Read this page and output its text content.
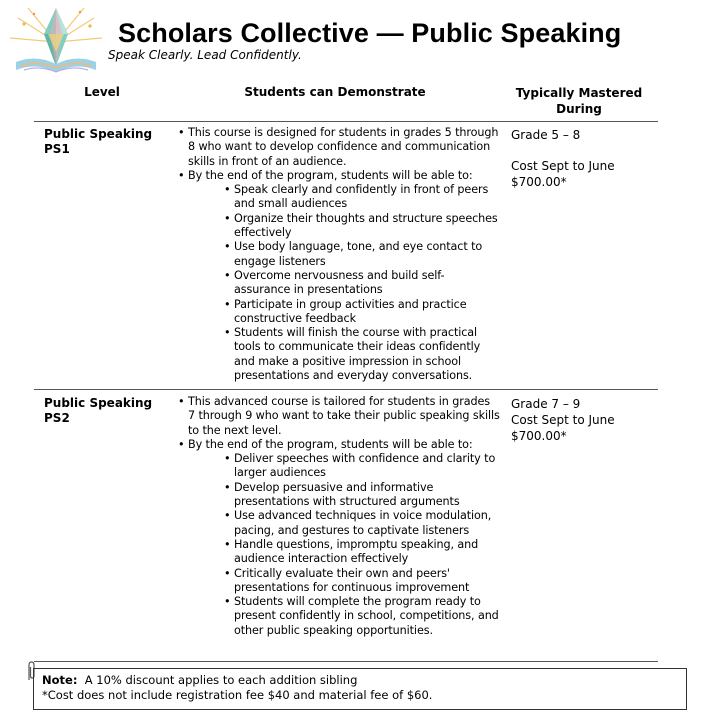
Scholars Collective — Public Speaking

Speak Clearly. Lead Confidently.

Level	Students can Demonstrate	Typically Mastered
During
Public Speaking
PS1
• This course is designed for students in grades 5 through 8 who want to develop confidence and communication skills in front of an audience.
• By the end of the program, students will be able to:
• Speak clearly and confidently in front of peers and small audiences
• Organize their thoughts and structure speeches effectively
• Use body language, tone, and eye contact to engage listeners
• Overcome nervousness and build self-assurance in presentations
• Participate in group activities and practice constructive feedback
• Students will finish the course with practical tools to communicate their ideas confidently and make a positive impression in school presentations and everyday conversations.
Grade 5 – 8
Cost Sept to June
$700.00*
Public Speaking
PS2
• This advanced course is tailored for students in grades 7 through 9 who want to take their public speaking skills to the next level.
• By the end of the program, students will be able to:
• Deliver speeches with confidence and clarity to larger audiences
• Develop persuasive and informative presentations with structured arguments
• Use advanced techniques in voice modulation, pacing, and gestures to captivate listeners
• Handle questions, impromptu speaking, and audience interaction effectively
• Critically evaluate their own and peers' presentations for continuous improvement
• Students will complete the program ready to present confidently in school, competitions, and other public speaking opportunities.
Grade 7 – 9
Cost Sept to June
$700.00*
Note: A 10% discount applies to each addition sibling
*Cost does not include registration fee $40 and material fee of $60.
